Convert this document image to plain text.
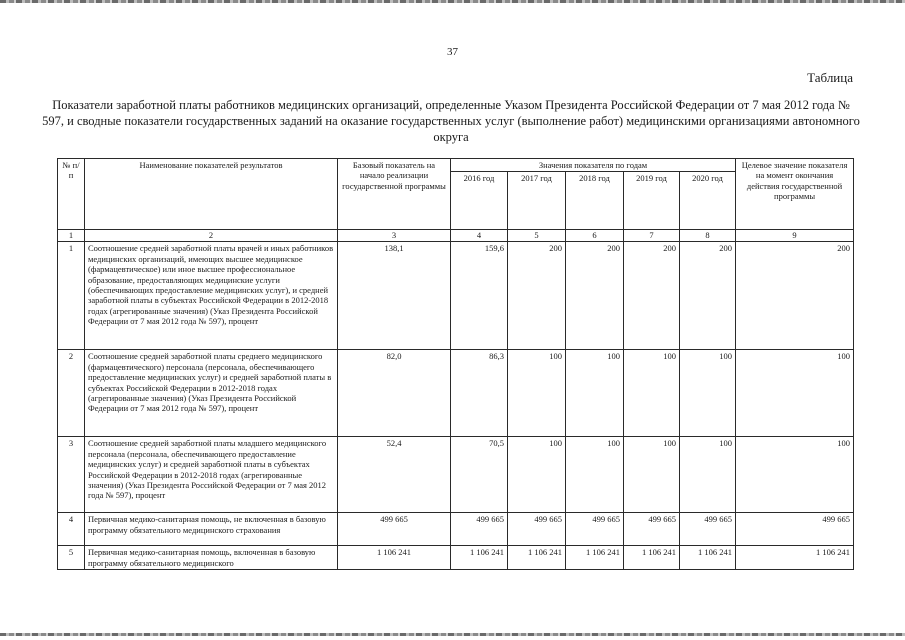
37
Таблица
Показатели заработной платы работников медицинских организаций, определенные Указом Президента Российской Федерации от 7 мая 2012 года № 597, и сводные показатели государственных заданий на оказание государственных услуг (выполнение работ) медицинскими организациями автономного округа
№ п/п	Наименование показателей результатов	Базовый показатель на начало реализации государственной программы	Значения показателя по годам					Целевое значение показателя на момент окончания действия государственной программы
			2016 год	2017 год	2018 год	2019 год	2020 год	
1	2	3	4	5	6	7	8	9
1	Соотношение средней заработной платы врачей и иных работников медицинских организаций, имеющих высшее медицинское (фармацевтическое) или иное высшее профессиональное образование, предоставляющих медицинские услуги (обеспечивающих предоставление медицинских услуг), и средней заработной платы в субъектах Российской Федерации в 2012-2018 годах (агрегированные значения) (Указ Президента Российской Федерации от 7 мая 2012 года № 597), процент	138,1	159,6	200	200	200	200	200
2	Соотношение средней заработной платы среднего медицинского (фармацевтического) персонала (персонала, обеспечивающего предоставление медицинских услуг) и средней заработной платы в субъектах Российской Федерации в 2012-2018 годах (агрегированные значения) (Указ Президента Российской Федерации от 7 мая 2012 года № 597), процент	82,0	86,3	100	100	100	100	100
3	Соотношение средней заработной платы младшего медицинского персонала (персонала, обеспечивающего предоставление медицинских услуг) и средней заработной платы в субъектах Российской Федерации в 2012-2018 годах (агрегированные значения) (Указ Президента Российской Федерации от 7 мая 2012 года № 597), процент	52,4	70,5	100	100	100	100	100
4	Первичная медико-санитарная помощь, не включенная в базовую программу обязательного медицинского страхования	499 665	499 665	499 665	499 665	499 665	499 665	499 665
5	Первичная медико-санитарная помощь, включенная в базовую программу обязательного медицинского	1 106 241	1 106 241	1 106 241	1 106 241	1 106 241	1 106 241	1 106 241
